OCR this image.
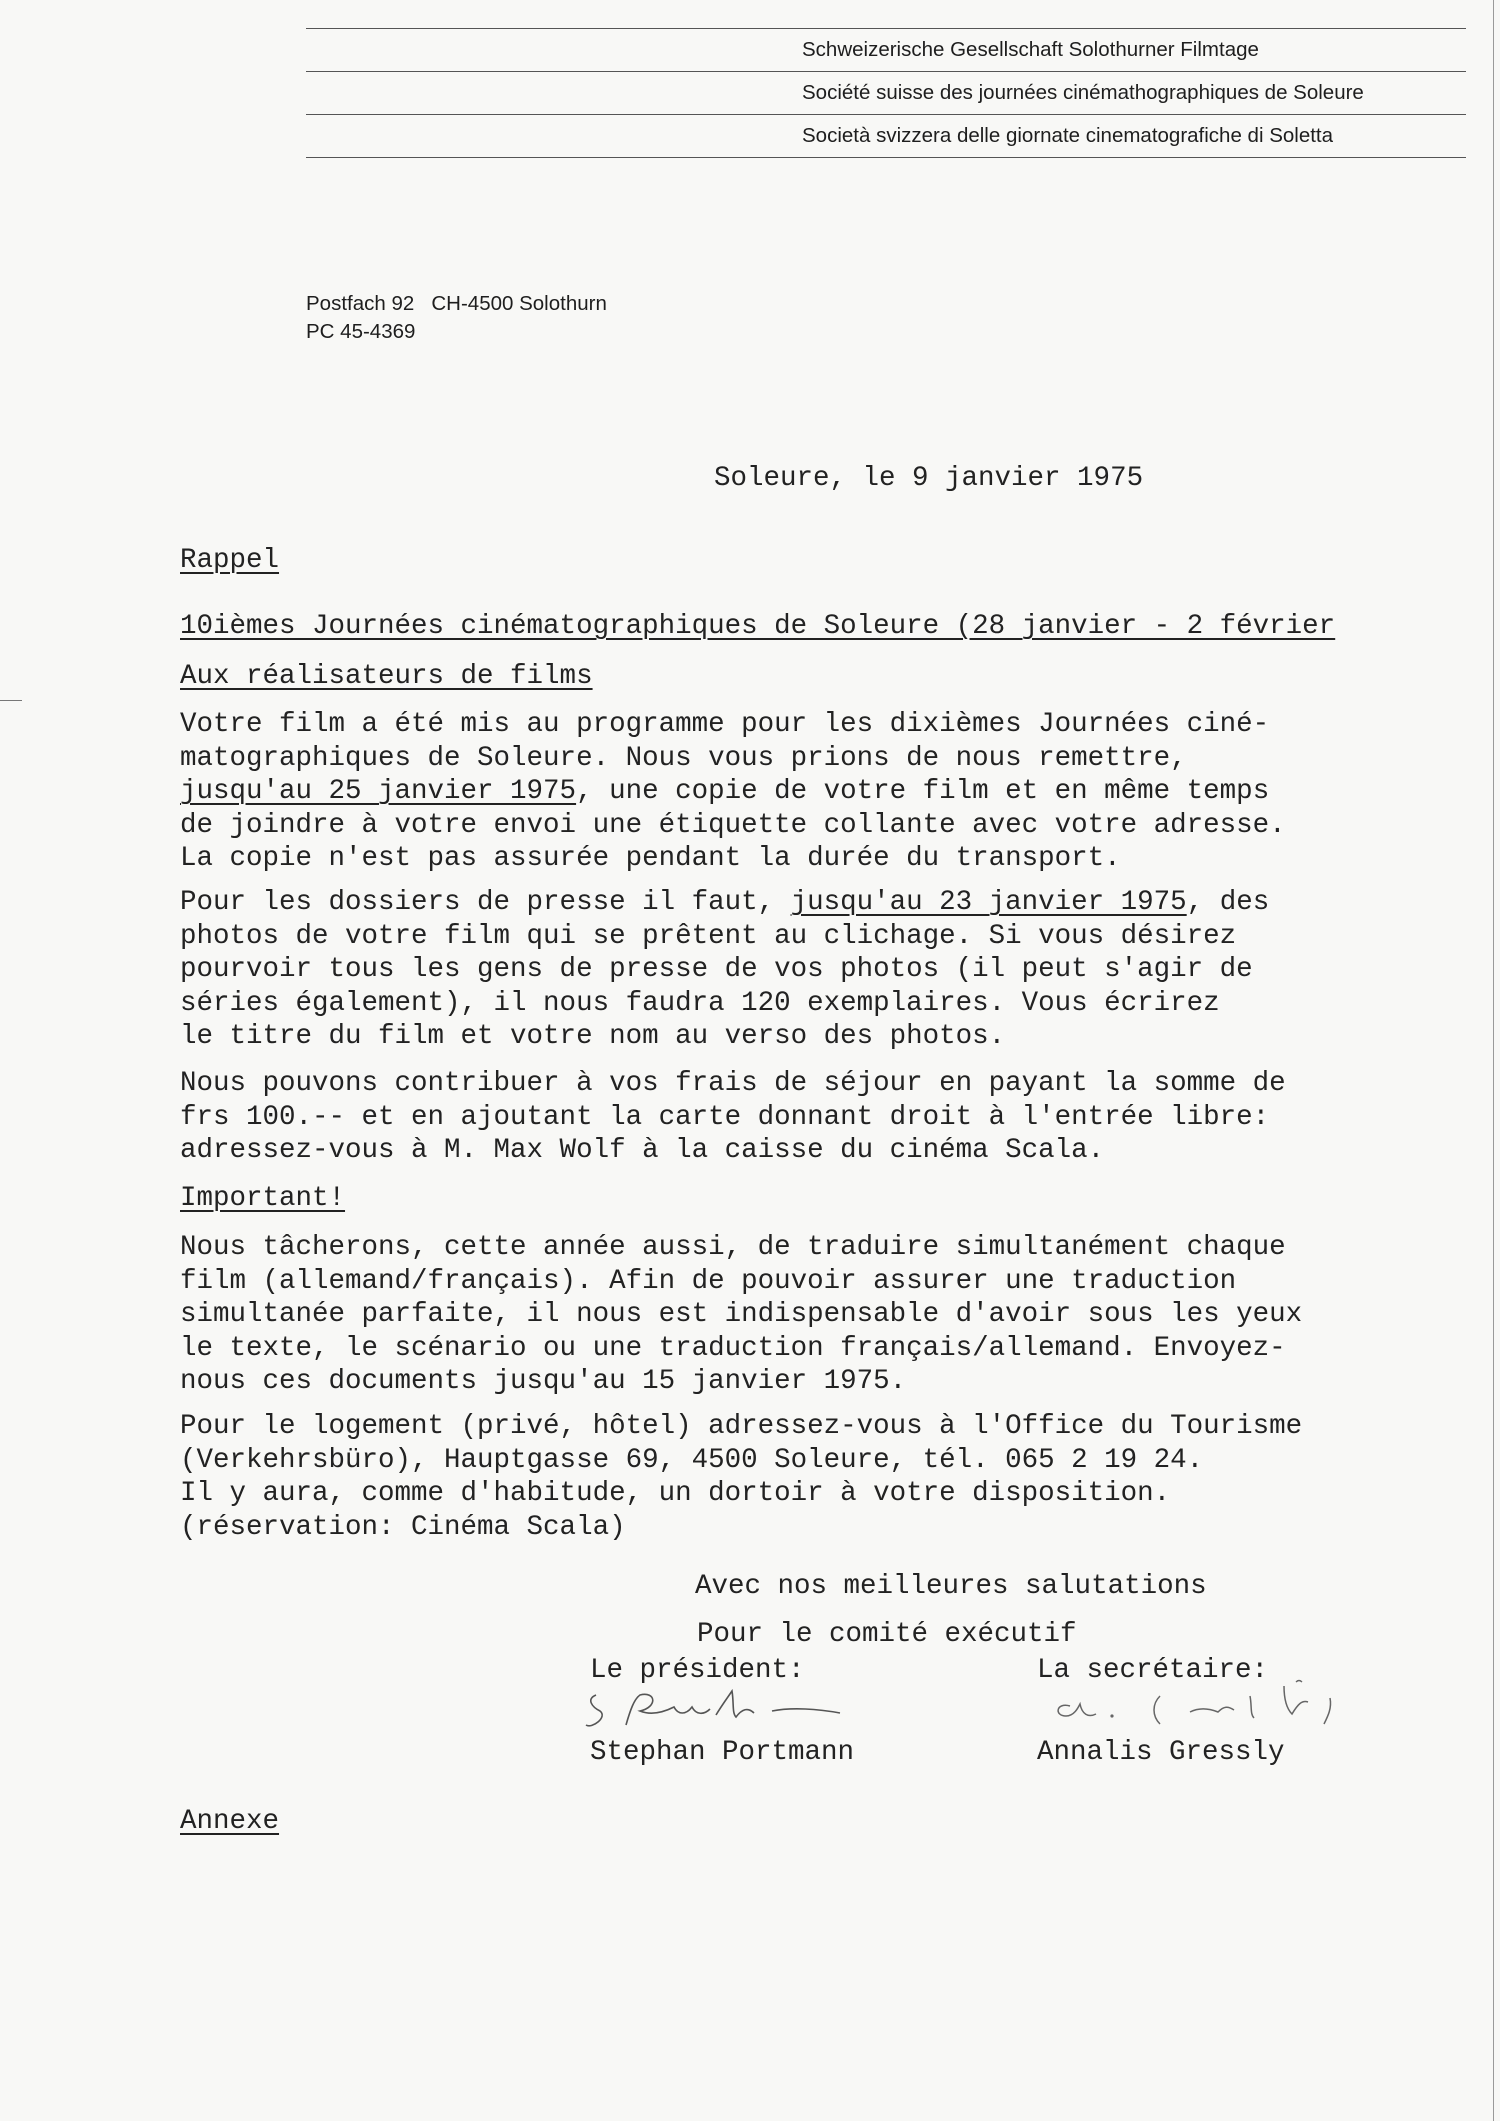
Schweizerische Gesellschaft Solothurner Filmtage
Société suisse des journées cinémathographiques de Soleure
Società svizzera delle giornate cinematografiche di Soletta
Postfach 92   CH-4500 Solothurn
PC 45-4369
Soleure, le 9 janvier 1975
Rappel
10ièmes Journées cinématographiques de Soleure (28 janvier - 2 février
Aux réalisateurs de films
Votre film a été mis au programme pour les dixièmes Journées ciné-
matographiques de Soleure. Nous vous prions de nous remettre,
jusqu'au 25 janvier 1975, une copie de votre film et en même temps
de joindre à votre envoi une étiquette collante avec votre adresse.
La copie n'est pas assurée pendant la durée du transport.
Pour les dossiers de presse il faut, jusqu'au 23 janvier 1975, des
photos de votre film qui se prêtent au clichage. Si vous désirez
pourvoir tous les gens de presse de vos photos (il peut s'agir de
séries également), il nous faudra 120 exemplaires. Vous écrirez
le titre du film et votre nom au verso des photos.
Nous pouvons contribuer à vos frais de séjour en payant la somme de
frs 100.-- et en ajoutant la carte donnant droit à l'entrée libre:
adressez-vous à M. Max Wolf à la caisse du cinéma Scala.
Important!
Nous tâcherons, cette année aussi, de traduire simultanément chaque
film (allemand/français). Afin de pouvoir assurer une traduction
simultanée parfaite, il nous est indispensable d'avoir sous les yeux
le texte, le scénario ou une traduction français/allemand. Envoyez-
nous ces documents jusqu'au 15 janvier 1975.
Pour le logement (privé, hôtel) adressez-vous à l'Office du Tourisme
(Verkehrsbüro), Hauptgasse 69, 4500 Soleure, tél. 065 2 19 24.
Il y aura, comme d'habitude, un dortoir à votre disposition.
(réservation: Cinéma Scala)
Avec nos meilleures salutations
Pour le comité exécutif
Le président:	La secrétaire:
Stephan Portmann	Annalis Gressly
Annexe
